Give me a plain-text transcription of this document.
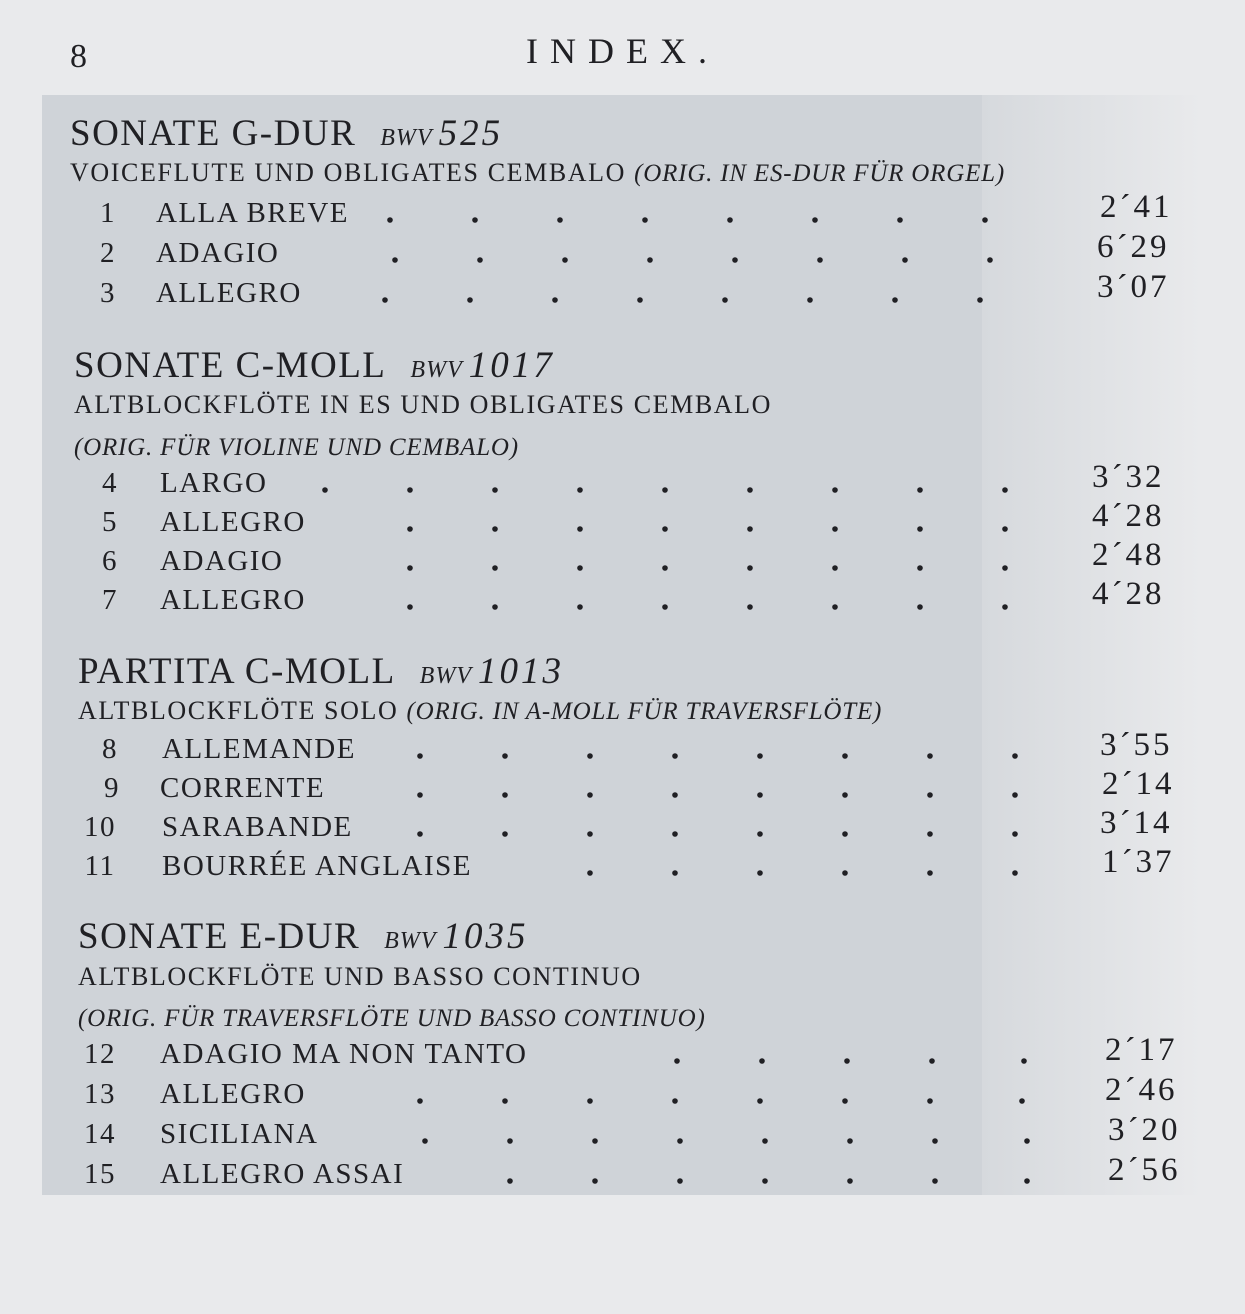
8	INDEX.
SONATE G-DUR BWV 525
VOICEFLUTE UND OBLIGATES CEMBALO (ORIG. IN ES-DUR FÜR ORGEL)
1	ALLA BREVE	2´41
2	ADAGIO	6´29
3	ALLEGRO	3´07
SONATE C-MOLL BWV 1017
ALTBLOCKFLÖTE IN ES UND OBLIGATES CEMBALO
(ORIG. FÜR VIOLINE UND CEMBALO)
4	LARGO	3´32
5	ALLEGRO	4´28
6	ADAGIO	2´48
7	ALLEGRO	4´28
PARTITA C-MOLL BWV 1013
ALTBLOCKFLÖTE SOLO (ORIG. IN A-MOLL FÜR TRAVERSFLÖTE)
8	ALLEMANDE	3´55
9	CORRENTE	2´14
10	SARABANDE	3´14
11	BOURRÉE ANGLAISE	1´37
SONATE E-DUR BWV 1035
ALTBLOCKFLÖTE UND BASSO CONTINUO
(ORIG. FÜR TRAVERSFLÖTE UND BASSO CONTINUO)
12	ADAGIO MA NON TANTO	2´17
13	ALLEGRO	2´46
14	SICILIANA	3´20
15	ALLEGRO ASSAI	2´56
